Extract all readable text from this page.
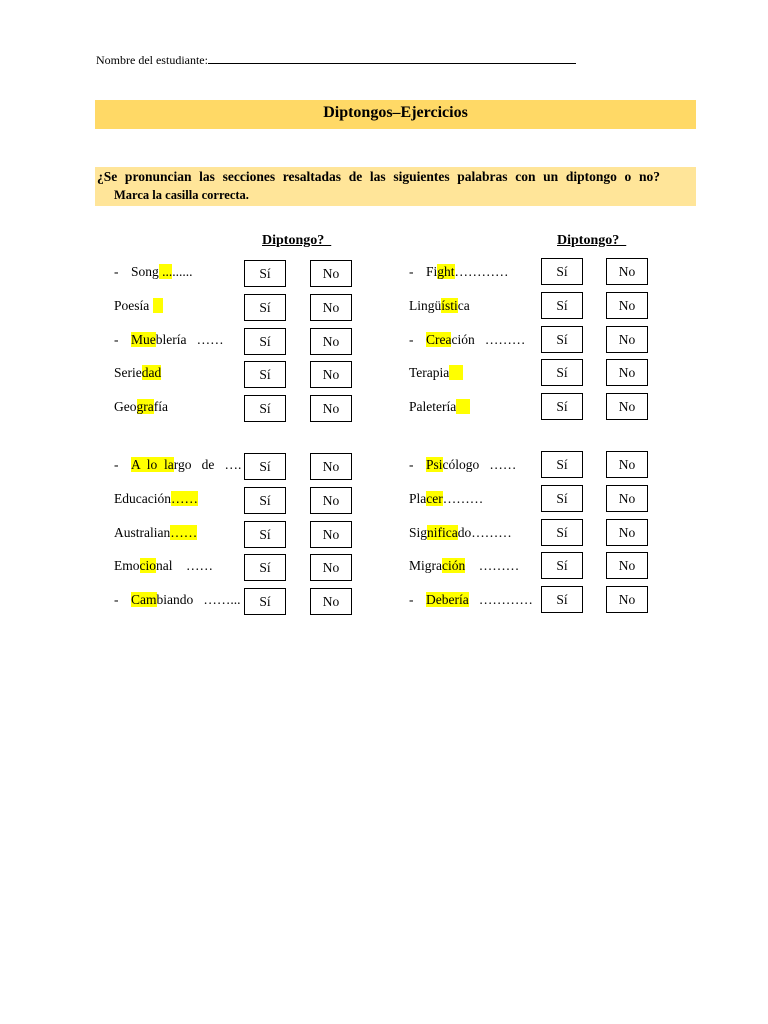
Nombre del estudiante:
Diptongos–Ejercicios
¿Se pronuncian las secciones resaltadas de las siguientes palabras con un diptongo o no?
Marca la casilla correcta.
Diptongo?	Diptongo?
- Song .........	Sí	No
Poesía	Sí	No
- Mueblería   ……	Sí	No
Seriedad	Sí	No
Geografía	Sí	No
- A  lo  largo   de   ….	Sí	No
Educación……	Sí	No
Australian……	Sí	No
Emocional    ……	Sí	No
- Cambiando   ……...	Sí	No
- Fight…………	Sí	No
Lingüística	Sí	No
- Creación   ………	Sí	No
Terapia	Sí	No
Paletería	Sí	No
- Psicólogo   ……	Sí	No
Placer………	Sí	No
Significado………	Sí	No
Migración    ………	Sí	No
- Debería   …………	Sí	No
